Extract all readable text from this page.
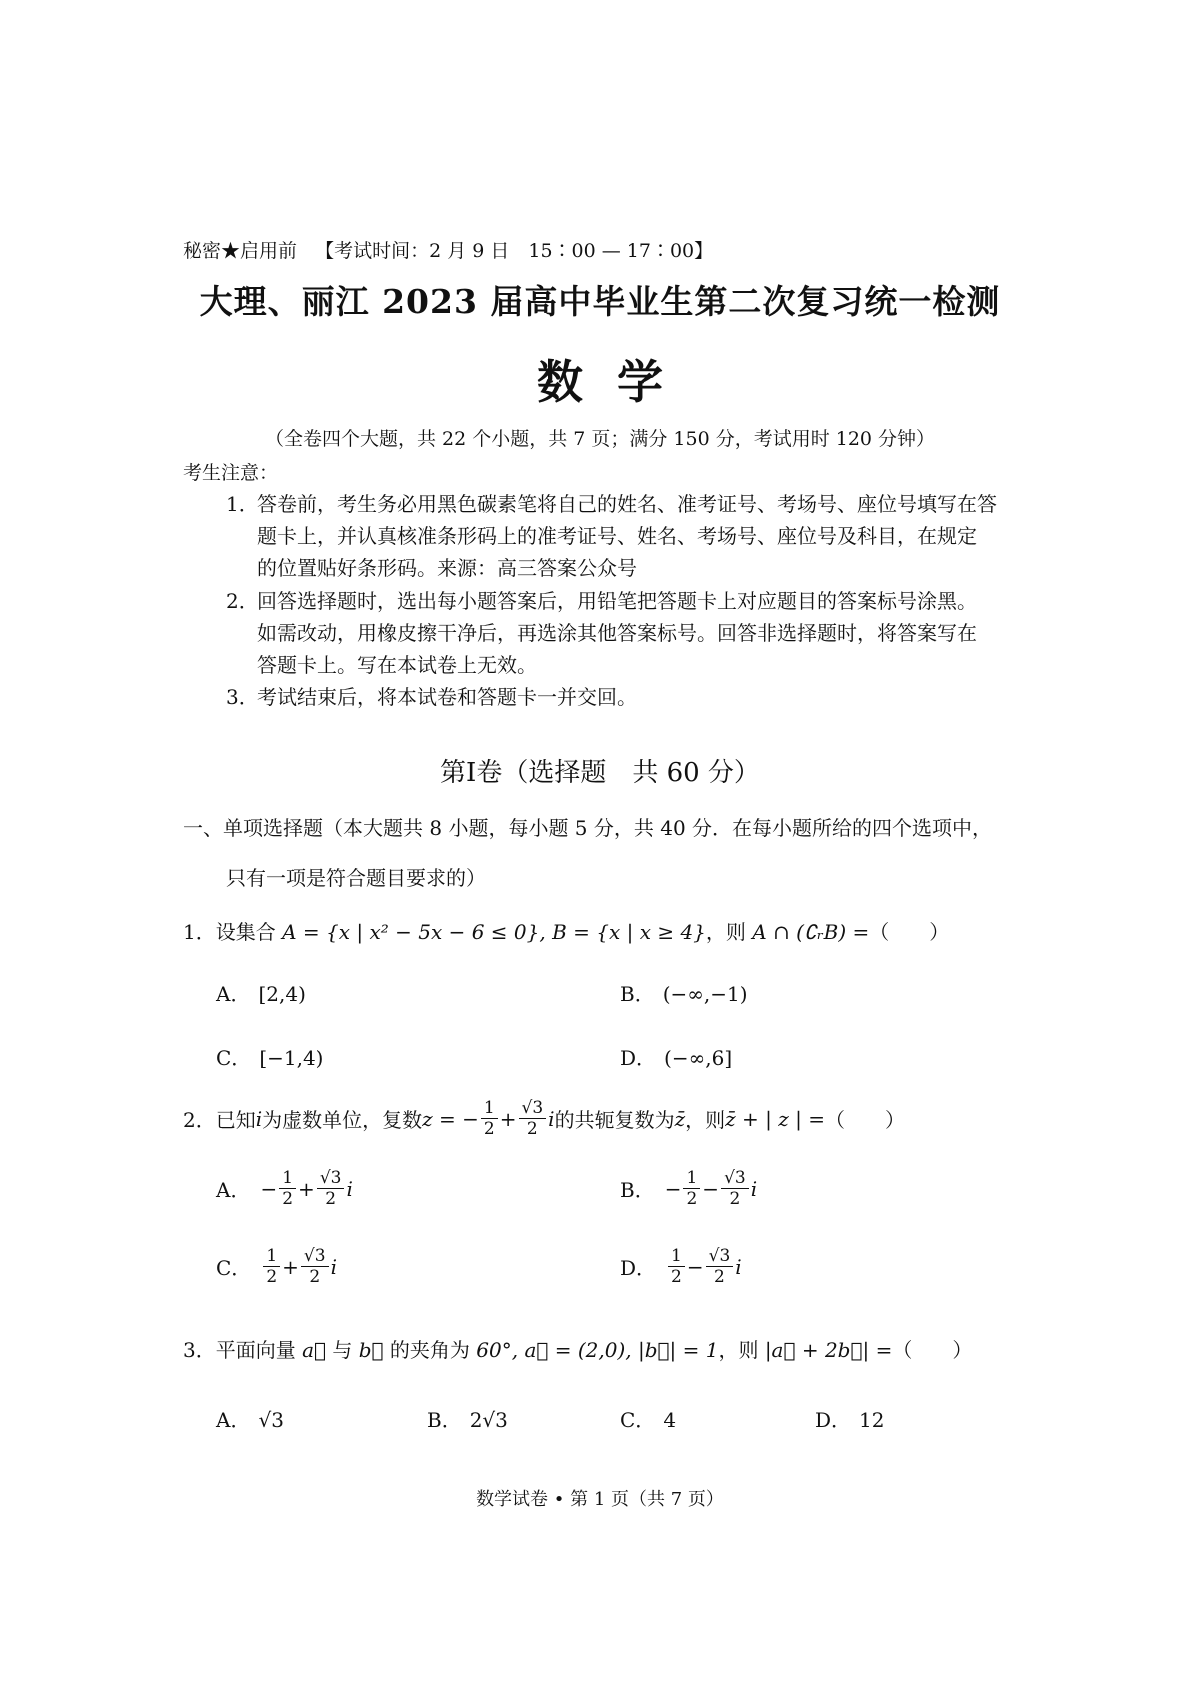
秘密★启用前 【考试时间：2 月 9 日　15∶00 — 17∶00】
大理、丽江 2023 届高中毕业生第二次复习统一检测
数学
（全卷四个大题，共 22 个小题，共 7 页；满分 150 分，考试用时 120 分钟）
考生注意：
1．答卷前，考生务必用黑色碳素笔将自己的姓名、准考证号、考场号、座位号填写在答
题卡上，并认真核准条形码上的准考证号、姓名、考场号、座位号及科目，在规定
的位置贴好条形码。来源：高三答案公众号
2．回答选择题时，选出每小题答案后，用铅笔把答题卡上对应题目的答案标号涂黑。
如需改动，用橡皮擦干净后，再选涂其他答案标号。回答非选择题时，将答案写在
答题卡上。写在本试卷上无效。
3．考试结束后，将本试卷和答题卡一并交回。
第Ⅰ卷（选择题　共 60 分）
一、单项选择题（本大题共 8 小题，每小题 5 分，共 40 分．在每小题所给的四个选项中，
只有一项是符合题目要求的）
1．设集合 A = {x | x² − 5x − 6 ≤ 0}, B = {x | x ≥ 4}，则 A ∩ (∁ᵣB) =（　　）
A． [2,4)	B． (−∞,−1)
C． [−1,4)	D． (−∞,6]
2． 已知 i 为虚数单位，复数 z = − $\frac{1}{2} + \frac{√3}{2}$ i 的共轭复数为 z̄ ，则 z̄ + | z | = （　　）
A． − $\frac{1}{2} + \frac{√3}{2}$ i	B． − $\frac{1}{2} - \frac{√3}{2}$ i
C． $\frac{1}{2} + \frac{√3}{2}$ i	D． $\frac{1}{2} - \frac{√3}{2}$ i
3．平面向量 a⃗ 与 b⃗ 的夹角为 60°, a⃗ = (2,0), |b⃗| = 1，则 |a⃗ + 2b⃗| =（　　）
A． √3	B． 2√3	C． 4	D． 12
数学试卷 • 第 1 页（共 7 页）
